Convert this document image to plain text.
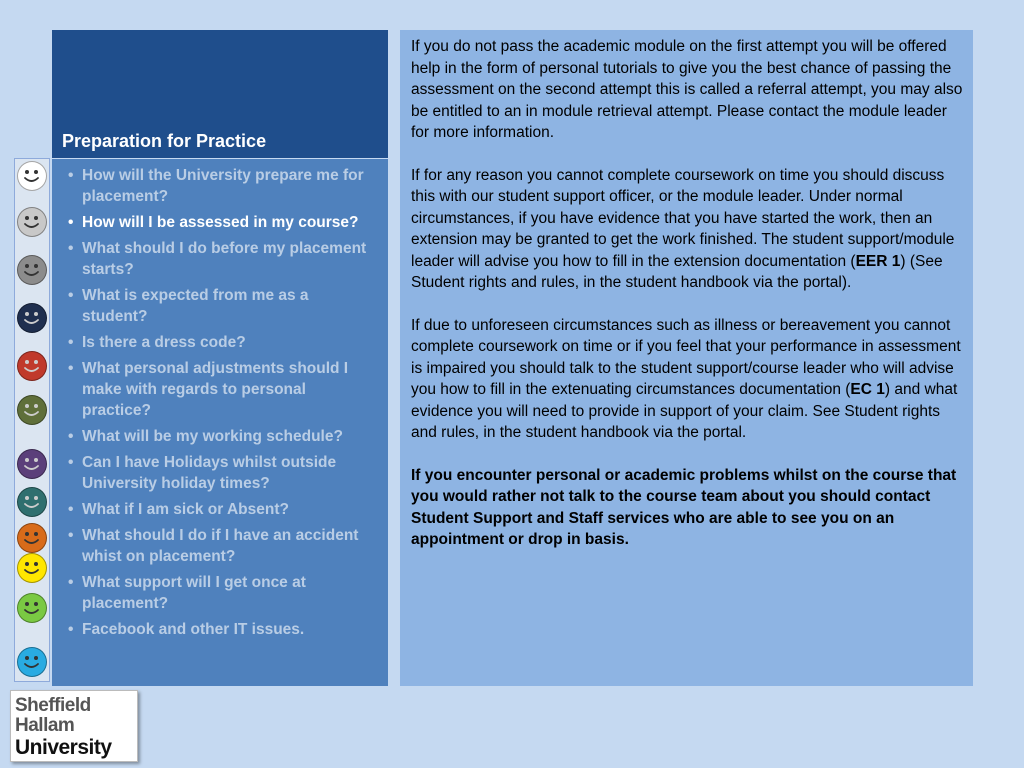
Preparation for Practice
• How will the University prepare me for placement?
• How will I be assessed in my course?
• What should I do before my placement starts?
• What is expected from me as a student?
• Is there a dress code?
• What personal adjustments should I make with regards to personal practice?
• What will be my working schedule?
• Can I have Holidays whilst outside University holiday times?
• What if I am sick or Absent?
• What should I do if I have an accident whist on placement?
• What support will I get once at placement?
• Facebook and other IT issues.

If you do not pass the academic module on the first attempt you will be offered help in the form of personal tutorials to give you the best chance of passing the assessment on the second attempt this is called a referral attempt, you may also be entitled to an in module retrieval attempt. Please contact the module leader for more information.

If for any reason you cannot complete coursework on time you should discuss this with our student support officer, or the module leader. Under normal circumstances, if you have evidence that you have started the work, then an extension may be granted to get the work finished. The student support/module leader will advise you how to fill in the extension documentation (EER 1) (See Student rights and rules, in the student handbook via the portal).

If due to unforeseen circumstances such as illness or bereavement you cannot complete coursework on time or if you feel that your performance in assessment is impaired you should talk to the student support/course leader who will advise you how to fill in the extenuating circumstances documentation (EC 1) and what evidence you will need to provide in support of your claim. See Student rights and rules, in the student handbook via the portal.

If you encounter personal or academic problems whilst on the course that you would rather not talk to the course team about you should contact Student Support and Staff services who are able to see you on an appointment or drop in basis.

Sheffield
Hallam
University
